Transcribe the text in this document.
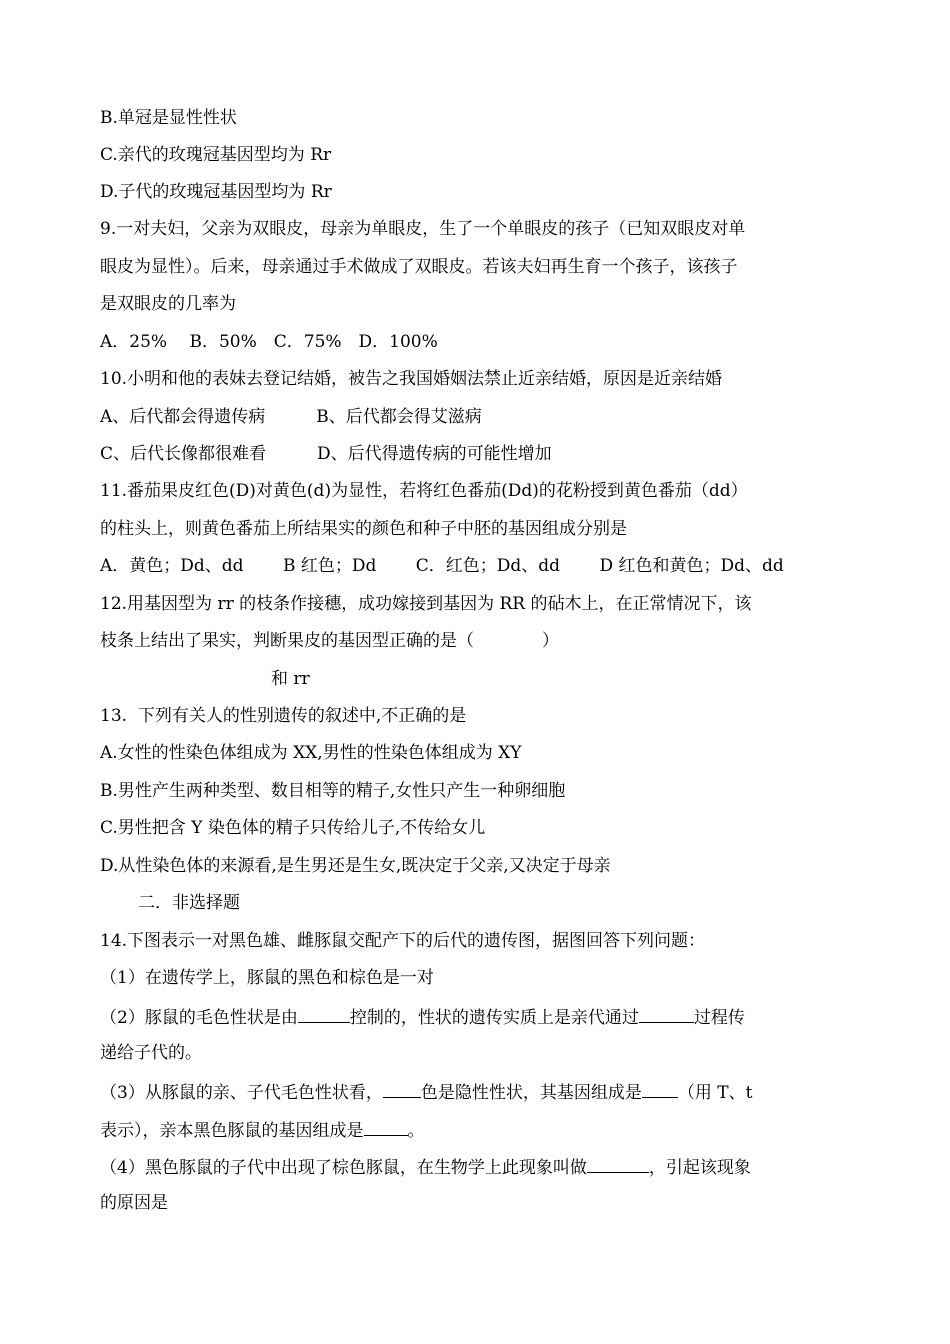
B.单冠是显性性状
C.亲代的玫瑰冠基因型均为 Rr
D.子代的玫瑰冠基因型均为 Rr
9.一对夫妇，父亲为双眼皮，母亲为单眼皮，生了一个单眼皮的孩子（已知双眼皮对单
眼皮为显性）。后来，母亲通过手术做成了双眼皮。若该夫妇再生育一个孩子，该孩子
是双眼皮的几率为
A．25%　 B．50%　C．75%　D．100%
10.小明和他的表妹去登记结婚，被告之我国婚姻法禁止近亲结婚，原因是近亲结婚
A、后代都会得遗传病　　　B、后代都会得艾滋病
C、后代长像都很难看　　　D、后代得遗传病的可能性增加
11.番茄果皮红色(D)对黄色(d)为显性，若将红色番茄(Dd)的花粉授到黄色番茄（dd）
的柱头上，则黄色番茄上所结果实的颜色和种子中胚的基因组成分别是
A．黄色；Dd、dd　　 B 红色；Dd　　 C．红色；Dd、dd　　 D 红色和黄色；Dd、dd
12.用基因型为 rr 的枝条作接穗，成功嫁接到基因为 RR 的砧木上，在正常情况下，该
枝条上结出了果实，判断果皮的基因型正确的是（　　　　）
和 rr
13.  下列有关人的性别遗传的叙述中,不正确的是
A.女性的性染色体组成为 XX,男性的性染色体组成为 XY
B.男性产生两种类型、数目相等的精子,女性只产生一种卵细胞
C.男性把含 Y 染色体的精子只传给儿子,不传给女儿
D.从性染色体的来源看,是生男还是生女,既决定于父亲,又决定于母亲
二．非选择题
14.下图表示一对黑色雄、雌豚鼠交配产下的后代的遗传图，据图回答下列问题：
（1）在遗传学上，豚鼠的黑色和棕色是一对
（2）豚鼠的毛色性状是由	控制的，性状的遗传实质上是亲代通过	过程传
递给子代的。
（3）从豚鼠的亲、子代毛色性状看， 色是隐性性状，其基因组成是 （用 T、t
表示），亲本黑色豚鼠的基因组成是	。
（4）黑色豚鼠的子代中出现了棕色豚鼠，在生物学上此现象叫做	，引起该现象
的原因是
